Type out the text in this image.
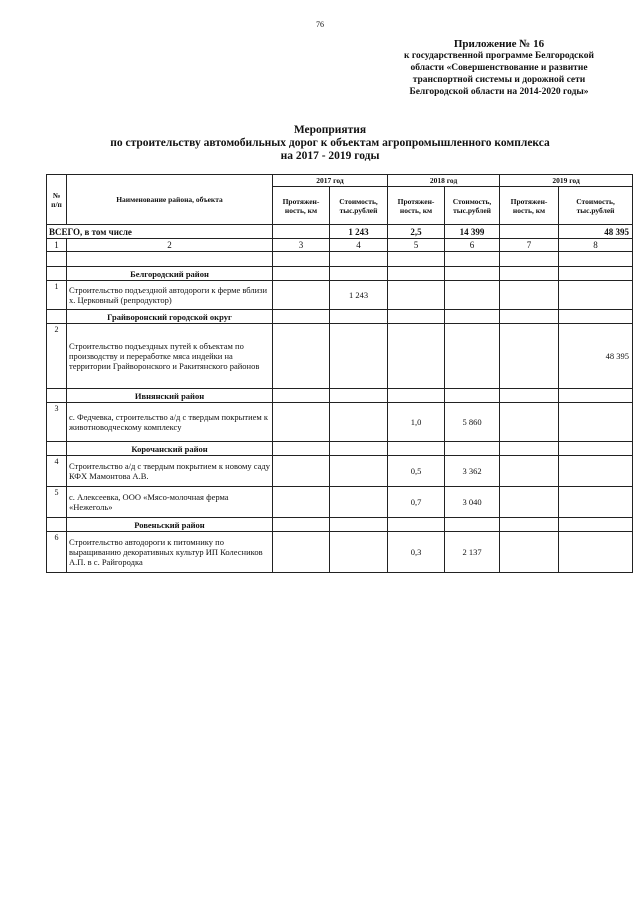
76
Приложение № 16
к государственной программе Белгородской
области «Совершенствование и развитие
транспортной системы и дорожной сети
Белгородской области на 2014-2020 годы»
Мероприятия
по строительству автомобильных дорог к объектам агропромышленного комплекса
на 2017 - 2019 годы
№ п/п	Наименование района, объекта	2017 год		2018 год		2019 год	
		Протяжен-ность, км	Стоимость, тыс.рублей	Протяжен-ность, км	Стоимость, тыс.рублей	Протяжен-ность, км	Стоимость, тыс.рублей
ВСЕГО, в том числе			1 243	2,5	14 399		48 395
1	2	3	4	5	6	7	8

	Белгородский район						
1	Строительство подъездной автодороги к ферме вблизи х. Церковный (репродуктор)		1 243				
	Грайворонский городской округ						
2	Строительство подъездных путей к объектам по производству и переработке мяса индейки на территории Грайворонского и Ракитянского районов						48 395
	Ивнянский район						
3	с. Федчевка, строительство а/д с твердым покрытием к животноводческому комплексу			1,0	5 860		
	Корочанский район						
4	Строительство а/д с твердым покрытием к новому саду КФХ Мамонтова А.В.			0,5	3 362		
5	с. Алексеевка, ООО «Мясо-молочная ферма «Нежеголь»			0,7	3 040		
	Ровеньский район						
6	Строительство автодороги к питомнику по выращиванию декоративных культур ИП Колесников А.П. в с. Райгородка			0,3	2 137		
